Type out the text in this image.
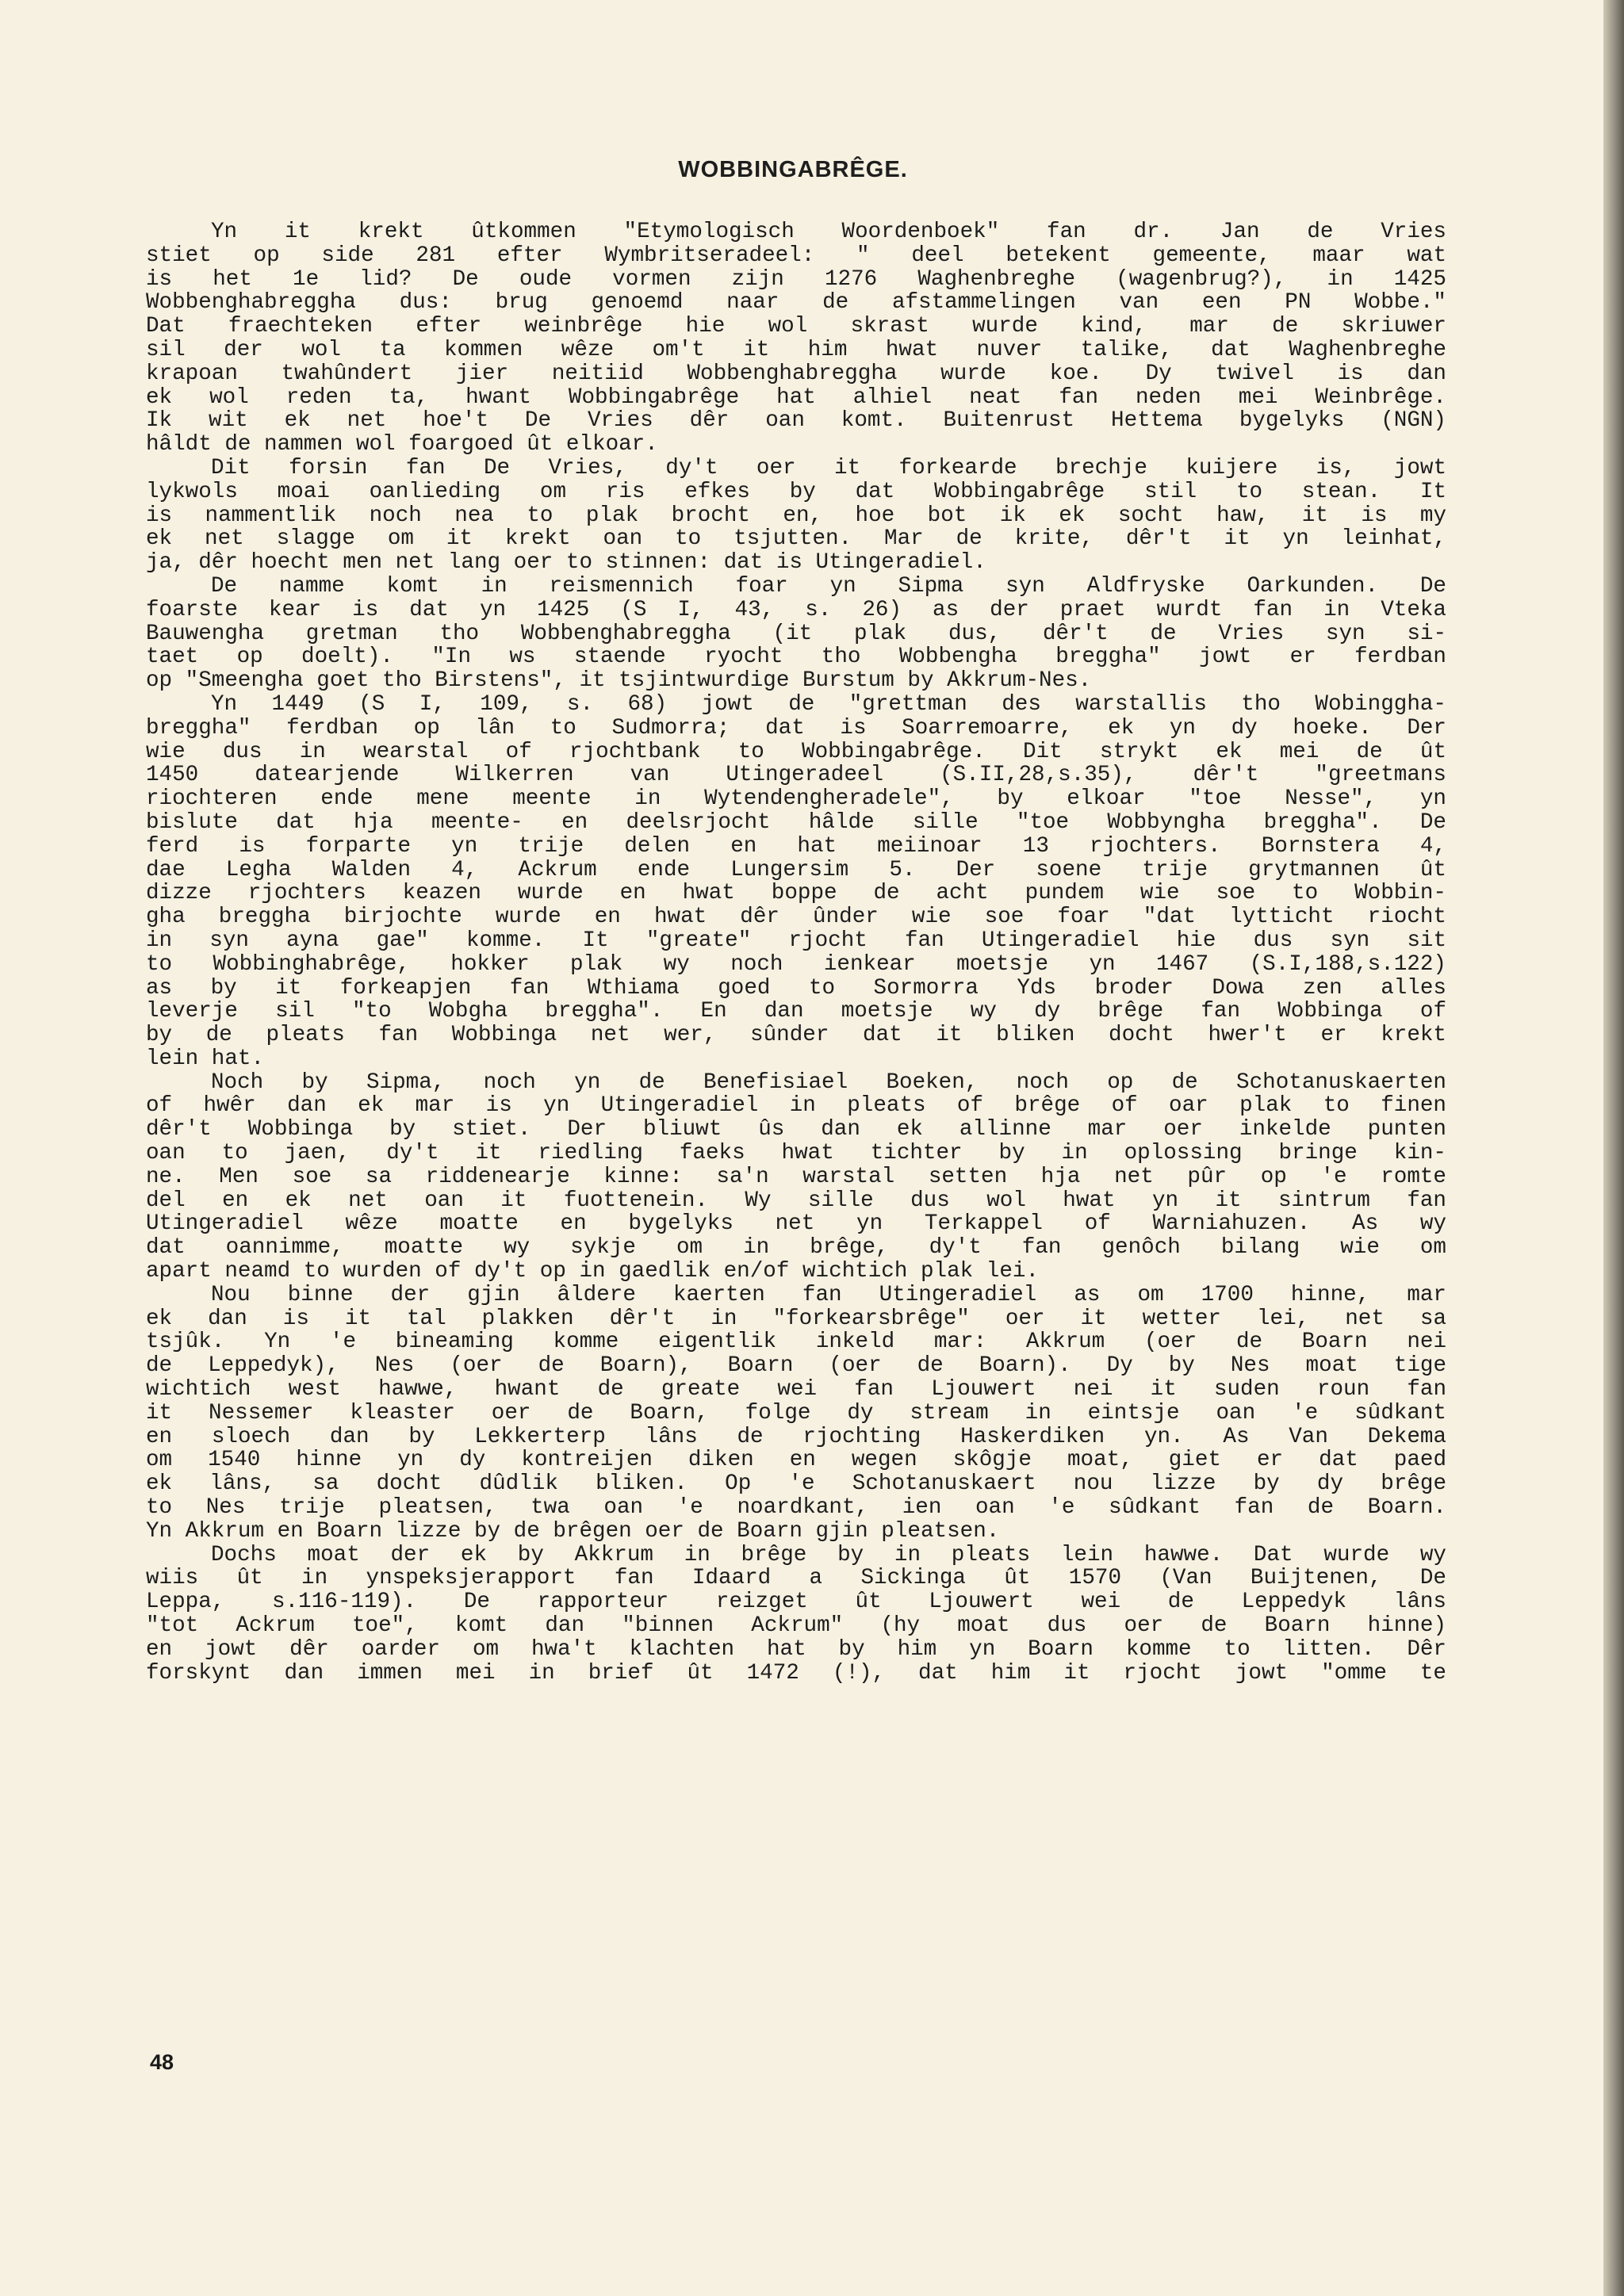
WOBBINGABRÊGE.
Yn it krekt ûtkommen "Etymologisch Woordenboek" fan dr. Jan de Vries
stiet op side 281 efter Wymbritseradeel: " deel betekent gemeente, maar wat
is het 1e lid? De oude vormen zijn 1276 Waghenbreghe (wagenbrug?), in 1425
Wobbenghabreggha dus: brug genoemd naar de afstammelingen van een PN Wobbe."
Dat fraechteken efter weinbrêge hie wol skrast wurde kind, mar de skriuwer
sil der wol ta kommen wêze om't it him hwat nuver talike, dat Waghenbreghe
krapoan twahûndert jier neitiid Wobbenghabreggha wurde koe. Dy twivel is dan
ek wol reden ta, hwant Wobbingabrêge hat alhiel neat fan neden mei Weinbrêge.
Ik wit ek net hoe't De Vries dêr oan komt. Buitenrust Hettema bygelyks (NGN)
hâldt de nammen wol foargoed ût elkoar.
Dit forsin fan De Vries, dy't oer it forkearde brechje kuijere is, jowt
lykwols moai oanlieding om ris efkes by dat Wobbingabrêge stil to stean. It
is nammentlik noch nea to plak brocht en, hoe bot ik ek socht haw, it is my
ek net slagge om it krekt oan to tsjutten. Mar de krite, dêr't it yn leinhat,
ja, dêr hoecht men net lang oer to stinnen: dat is Utingeradiel.
De namme komt in reismennich foar yn Sipma syn Aldfryske Oarkunden. De
foarste kear is dat yn 1425 (S I, 43, s. 26) as der praet wurdt fan in Vteka
Bauwengha gretman tho Wobbenghabreggha (it plak dus, dêr't de Vries syn si-
taet op doelt). "In ws staende ryocht tho Wobbengha breggha" jowt er ferdban
op "Smeengha goet tho Birstens", it tsjintwurdige Burstum by Akkrum-Nes.
Yn 1449 (S I, 109, s. 68) jowt de "grettman des warstallis tho Wobinggha-
breggha" ferdban op lân to Sudmorra; dat is Soarremoarre, ek yn dy hoeke. Der
wie dus in wearstal of rjochtbank to Wobbingabrêge. Dit strykt ek mei de ût
1450 datearjende Wilkerren van Utingeradeel (S.II,28,s.35), dêr't "greetmans
riochteren ende mene meente in Wytendengheradele", by elkoar "toe Nesse", yn
bislute dat hja meente- en deelsrjocht hâlde sille "toe Wobbyngha breggha". De
ferd is forparte yn trije delen en hat meiinoar 13 rjochters. Bornstera 4,
dae Legha Walden 4, Ackrum ende Lungersim 5. Der soene trije grytmannen ût
dizze rjochters keazen wurde en hwat boppe de acht pundem wie soe to Wobbin-
gha breggha birjochte wurde en hwat dêr ûnder wie soe foar "dat lytticht riocht
in syn ayna gae" komme. It "greate" rjocht fan Utingeradiel hie dus syn sit
to Wobbinghabrêge, hokker plak wy noch ienkear moetsje yn 1467 (S.I,188,s.122)
as by it forkeapjen fan Wthiama goed to Sormorra Yds broder Dowa zen alles
leverje sil "to Wobgha breggha". En dan moetsje wy dy brêge fan Wobbinga of
by de pleats fan Wobbinga net wer, sûnder dat it bliken docht hwer't er krekt
lein hat.
Noch by Sipma, noch yn de Benefisiael Boeken, noch op de Schotanuskaerten
of hwêr dan ek mar is yn Utingeradiel in pleats of brêge of oar plak to finen
dêr't Wobbinga by stiet. Der bliuwt ûs dan ek allinne mar oer inkelde punten
oan to jaen, dy't it riedling faeks hwat tichter by in oplossing bringe kin-
ne. Men soe sa riddenearje kinne: sa'n warstal setten hja net pûr op 'e romte
del en ek net oan it fuottenein. Wy sille dus wol hwat yn it sintrum fan
Utingeradiel wêze moatte en bygelyks net yn Terkappel of Warniahuzen. As wy
dat oannimme, moatte wy sykje om in brêge, dy't fan genôch bilang wie om
apart neamd to wurden of dy't op in gaedlik en/of wichtich plak lei.
Nou binne der gjin âldere kaerten fan Utingeradiel as om 1700 hinne, mar
ek dan is it tal plakken dêr't in "forkearsbrêge" oer it wetter lei, net sa
tsjûk. Yn 'e bineaming komme eigentlik inkeld mar: Akkrum (oer de Boarn nei
de Leppedyk), Nes (oer de Boarn), Boarn (oer de Boarn). Dy by Nes moat tige
wichtich west hawwe, hwant de greate wei fan Ljouwert nei it suden roun fan
it Nessemer kleaster oer de Boarn, folge dy stream in eintsje oan 'e sûdkant
en sloech dan by Lekkerterp lâns de rjochting Haskerdiken yn. As Van Dekema
om 1540 hinne yn dy kontreijen diken en wegen skôgje moat, giet er dat paed
ek lâns, sa docht dûdlik bliken. Op 'e Schotanuskaert nou lizze by dy brêge
to Nes trije pleatsen, twa oan 'e noardkant, ien oan 'e sûdkant fan de Boarn.
Yn Akkrum en Boarn lizze by de brêgen oer de Boarn gjin pleatsen.
Dochs moat der ek by Akkrum in brêge by in pleats lein hawwe. Dat wurde wy
wiis ût in ynspeksjerapport fan Idaard a Sickinga ût 1570 (Van Buijtenen, De
Leppa, s.116-119). De rapporteur reizget ût Ljouwert wei de Leppedyk lâns
"tot Ackrum toe", komt dan "binnen Ackrum" (hy moat dus oer de Boarn hinne)
en jowt dêr oarder om hwa't klachten hat by him yn Boarn komme to litten. Dêr
forskynt dan immen mei in brief ût 1472 (!), dat him it rjocht jowt "omme te
48
